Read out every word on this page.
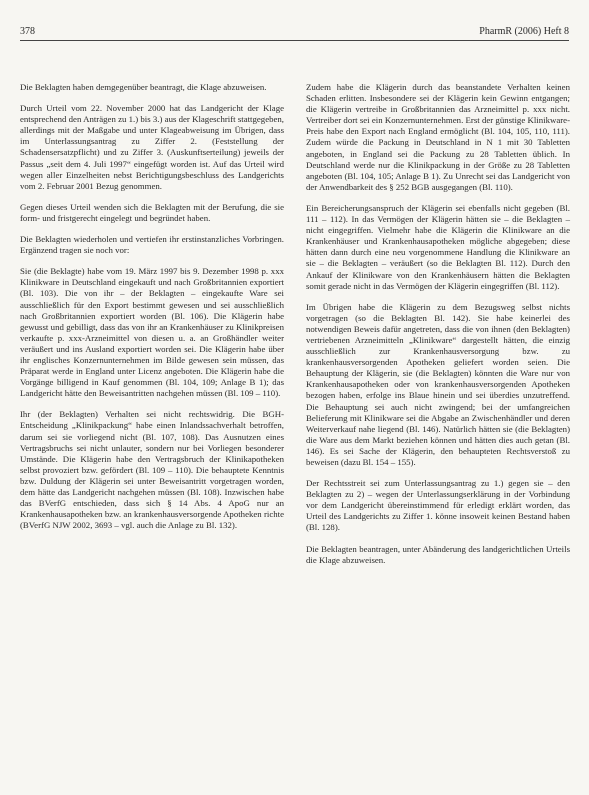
378	PharmR (2006) Heft 8

Die Beklagten haben demgegenüber beantragt, die Klage abzuweisen.

Durch Urteil vom 22. November 2000 hat das Landgericht der Klage entsprechend den Anträgen zu 1.) bis 3.) aus der Klageschrift stattgegeben, allerdings mit der Maßgabe und unter Klageabweisung im Übrigen, dass im Unterlassungsantrag zu Ziffer 2. (Feststellung der Schadensersatzpflicht) und zu Ziffer 3. (Auskunftserteilung) jeweils der Passus „seit dem 4. Juli 1997“ eingefügt worden ist. Auf das Urteil wird wegen aller Einzelheiten nebst Berichtigungsbeschluss des Landgerichts vom 2. Februar 2001 Bezug genommen.

Gegen dieses Urteil wenden sich die Beklagten mit der Berufung, die sie form- und fristgerecht eingelegt und begründet haben.

Die Beklagten wiederholen und vertiefen ihr erstinstanzliches Vorbringen. Ergänzend tragen sie noch vor:

Sie (die Beklagte) habe vom 19. März 1997 bis 9. Dezember 1998 p. xxx Klinikware in Deutschland eingekauft und nach Großbritannien exportiert (Bl. 103). Die von ihr – der Beklagten – eingekaufte Ware sei ausschließlich für den Export bestimmt gewesen und sei ausschließlich nach Großbritannien exportiert worden (Bl. 106). Die Klägerin habe gewusst und gebilligt, dass das von ihr an Krankenhäuser zu Klinikpreisen verkaufte p. xxx-Arzneimittel von diesen u. a. an Großhändler weiter veräußert und ins Ausland exportiert worden sei. Die Klägerin habe über ihr englisches Konzernunternehmen im Bilde gewesen sein müssen, das Präparat werde in England unter Licenz angeboten. Die Klägerin habe die Vorgänge billigend in Kauf genommen (Bl. 104, 109; Anlage B 1); das Landgericht hätte den Beweisantritten nachgehen müssen (Bl. 109 – 110).

Ihr (der Beklagten) Verhalten sei nicht rechtswidrig. Die BGH-Entscheidung „Klinikpackung“ habe einen Inlandssachverhalt betroffen, darum sei sie vorliegend nicht (Bl. 107, 108). Das Ausnutzen eines Vertragsbruchs sei nicht unlauter, sondern nur bei Vorliegen besonderer Umstände. Die Klägerin habe den Vertragsbruch der Klinikapotheken selbst provoziert bzw. gefördert (Bl. 109 – 110). Die behauptete Kenntnis bzw. Duldung der Klägerin sei unter Beweisantritt vorgetragen worden, dem hätte das Landgericht nachgehen müssen (Bl. 108). Inzwischen habe das BVerfG entschieden, dass sich § 14 Abs. 4 ApoG nur an Krankenhausapotheken bzw. an krankenhausversorgende Apotheken richte (BVerfG NJW 2002, 3693 – vgl. auch die Anlage zu Bl. 132).

Zudem habe die Klägerin durch das beanstandete Verhalten keinen Schaden erlitten. Insbesondere sei der Klägerin kein Gewinn entgangen; die Klägerin vertreibe in Großbritannien das Arzneimittel p. xxx nicht. Vertreiber dort sei ein Konzernunternehmen. Erst der günstige Klinikware-Preis habe den Export nach England ermöglicht (Bl. 104, 105, 110, 111). Zudem würde die Packung in Deutschland in N 1 mit 30 Tabletten angeboten, in England sei die Packung zu 28 Tabletten üblich. In Deutschland werde nur die Klinikpackung in der Größe zu 28 Tabletten angeboten (Bl. 104, 105; Anlage B 1). Zu Unrecht sei das Landgericht von der Anwendbarkeit des § 252 BGB ausgegangen (Bl. 110).

Ein Bereicherungsanspruch der Klägerin sei ebenfalls nicht gegeben (Bl. 111 – 112). In das Vermögen der Klägerin hätten sie – die Beklagten – nicht eingegriffen. Vielmehr habe die Klägerin die Klinikware an die Krankenhäuser und Krankenhausapotheken mögliche abgegeben; diese hätten dann durch eine neu vorgenommene Handlung die Klinikware an sie – die Beklagten – veräußert (so die Beklagten Bl. 112). Durch den Ankauf der Klinikware von den Krankenhäusern hätten die Beklagten somit gerade nicht in das Vermögen der Klägerin eingegriffen (Bl. 112).

Im Übrigen habe die Klägerin zu dem Bezugsweg selbst nichts vorgetragen (so die Beklagten Bl. 142). Sie habe keinerlei des notwendigen Beweis dafür angetreten, dass die von ihnen (den Beklagten) vertriebenen Arzneimitteln „Klinikware“ dargestellt hätten, die einzig ausschließlich zur Krankenhausversorgung bzw. zu krankenhausversorgenden Apotheken geliefert worden seien. Die Behauptung der Klägerin, sie (die Beklagten) könnten die Ware nur von Krankenhausapotheken oder von krankenhausversorgenden Apotheken bezogen haben, erfolge ins Blaue hinein und sei überdies unzutreffend. Die Behauptung sei auch nicht zwingend; bei der umfangreichen Belieferung mit Klinikware sei die Abgabe an Zwischenhändler und deren Weiterverkauf nahe liegend (Bl. 146). Natürlich hätten sie (die Beklagten) die Ware aus dem Markt beziehen können und hätten dies auch getan (Bl. 146). Es sei Sache der Klägerin, den behaupteten Rechtsverstoß zu beweisen (dazu Bl. 154 – 155).

Der Rechtsstreit sei zum Unterlassungsantrag zu 1.) gegen sie – den Beklagten zu 2) – wegen der Unterlassungserklärung in der Vorbindung vor dem Landgericht übereinstimmend für erledigt erklärt worden, das Urteil des Landgerichts zu Ziffer 1. könne insoweit keinen Bestand haben (Bl. 128).

Die Beklagten beantragen, unter Abänderung des landgerichtlichen Urteils die Klage abzuweisen.
